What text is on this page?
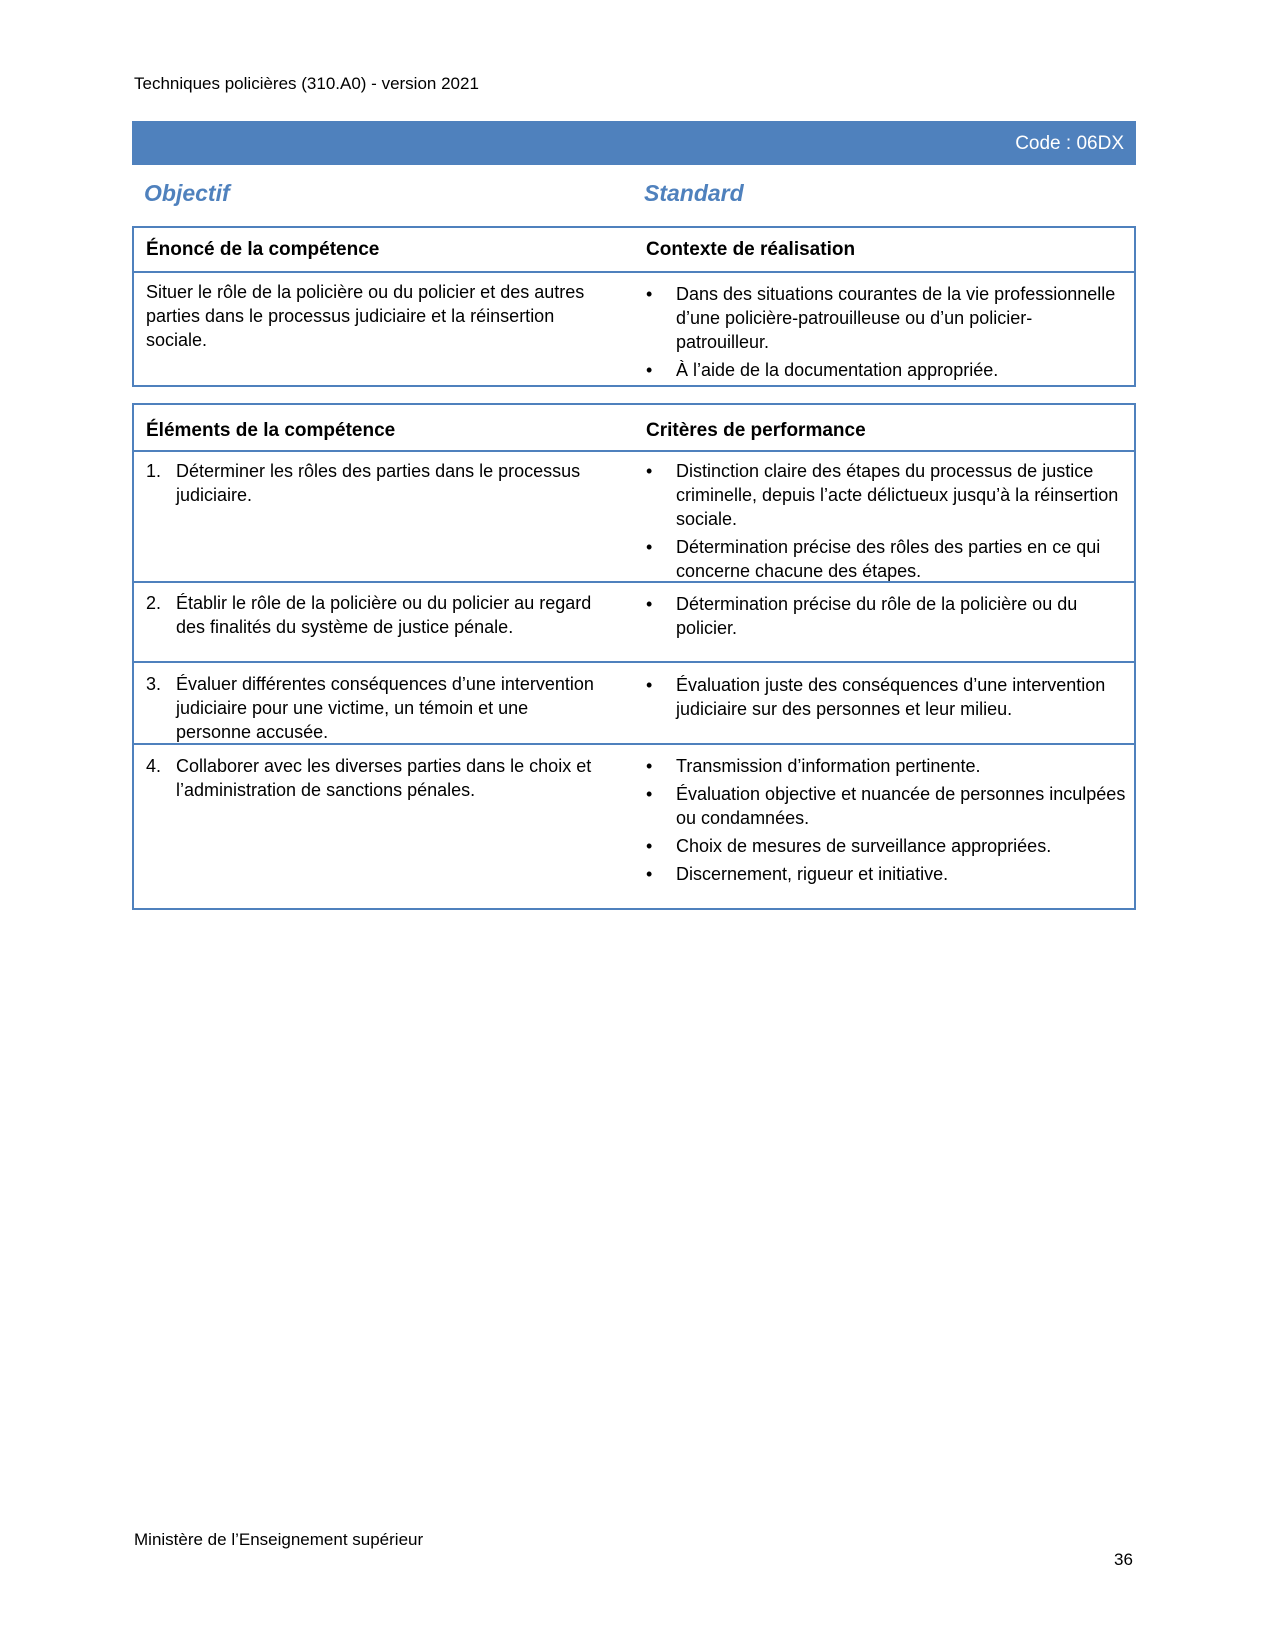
Techniques policières (310.A0) - version 2021
Code : 06DX
Objectif	Standard
Énoncé de la compétence	Contexte de réalisation
Situer le rôle de la policière ou du policier et des autres parties dans le processus judiciaire et la réinsertion sociale.
•	Dans des situations courantes de la vie professionnelle d’une policière-patrouilleuse ou d’un policier-patrouilleur.
•	À l’aide de la documentation appropriée.
Éléments de la compétence	Critères de performance
1. Déterminer les rôles des parties dans le processus judiciaire.
•	Distinction claire des étapes du processus de justice criminelle, depuis l’acte délictueux jusqu’à la réinsertion sociale.
•	Détermination précise des rôles des parties en ce qui concerne chacune des étapes.
2. Établir le rôle de la policière ou du policier au regard des finalités du système de justice pénale.
•	Détermination précise du rôle de la policière ou du policier.
3. Évaluer différentes conséquences d’une intervention judiciaire pour une victime, un témoin et une personne accusée.
•	Évaluation juste des conséquences d’une intervention judiciaire sur des personnes et leur milieu.
4. Collaborer avec les diverses parties dans le choix et l’administration de sanctions pénales.
•	Transmission d’information pertinente.
•	Évaluation objective et nuancée de personnes inculpées ou condamnées.
•	Choix de mesures de surveillance appropriées.
•	Discernement, rigueur et initiative.
Ministère de l’Enseignement supérieur
36
